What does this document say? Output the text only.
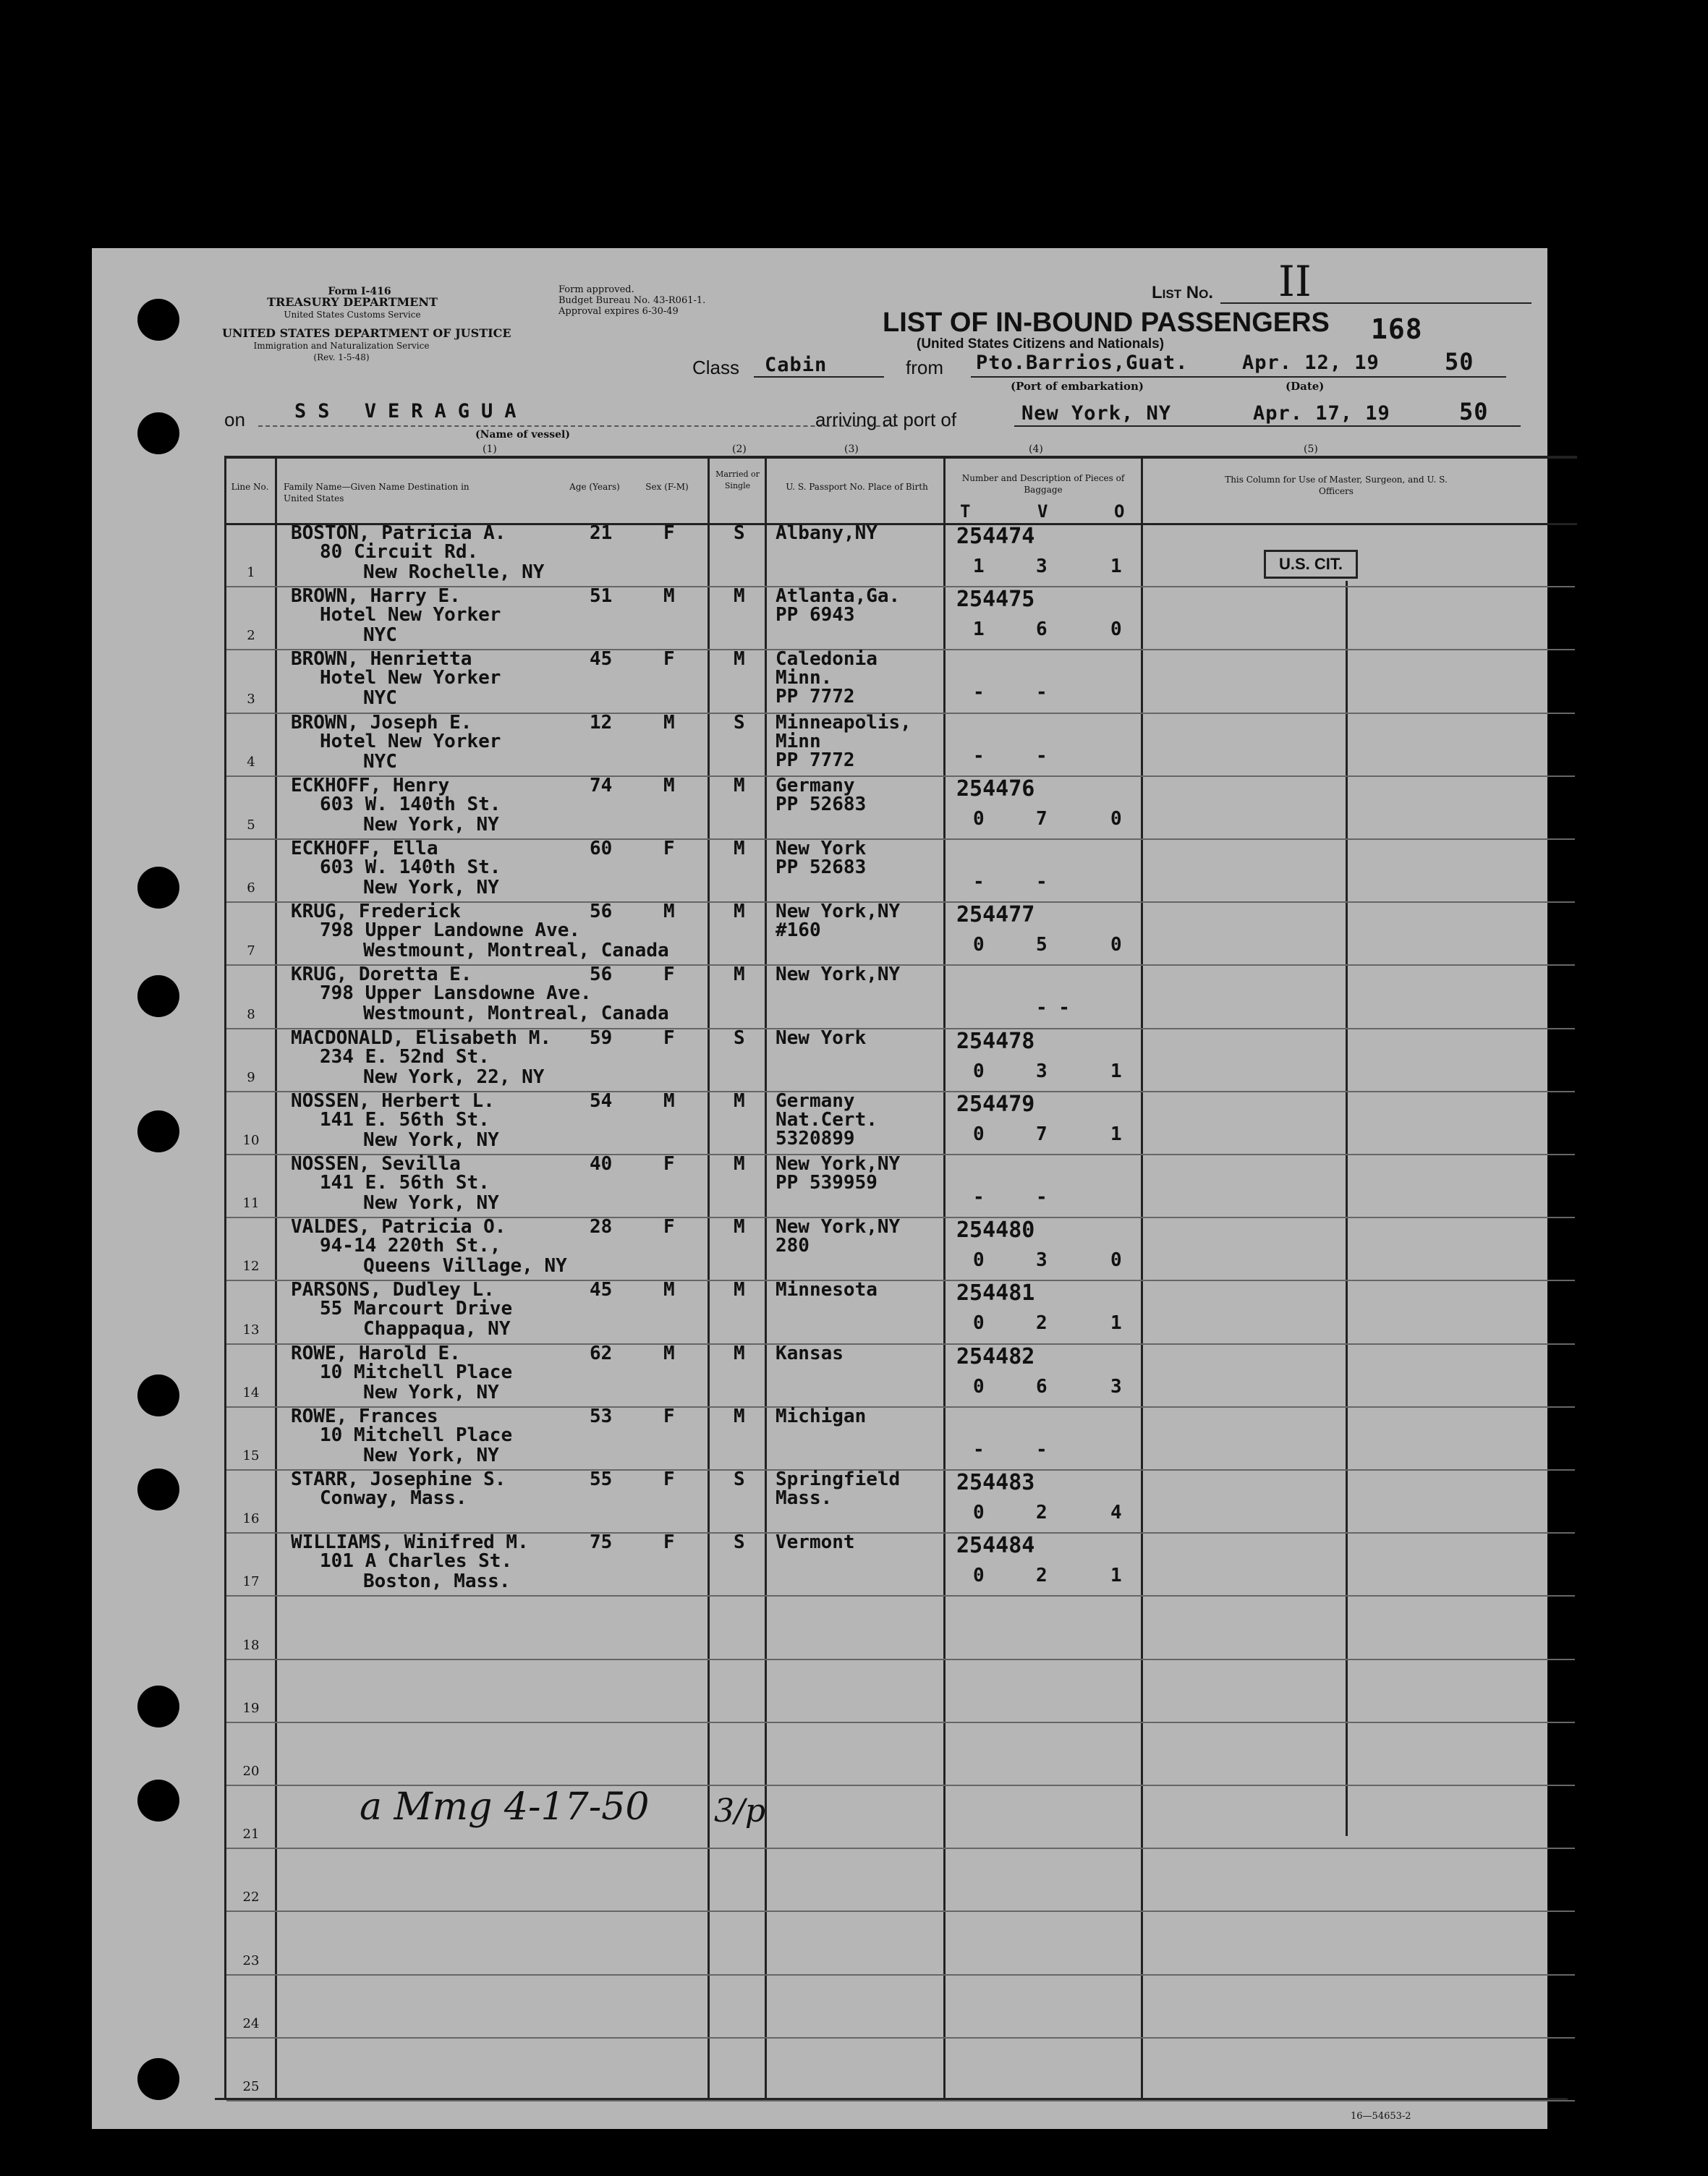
Form I-416
TREASURY DEPARTMENT
United States Customs Service
UNITED STATES DEPARTMENT OF JUSTICE
Immigration and Naturalization Service
(Rev. 1-5-48)
Form approved.
Budget Bureau No. 43-R061-1.
Approval expires 6-30-49	LIST OF IN-BOUND PASSENGERS
(United States Citizens and Nationals)
List No. II
168
Class Cabin	from Pto.Barrios,Guat.	Apr. 12, 19	50
(Port of embarkation)	(Date)
on	SS VERAGUA
(Name of vessel)
arriving at port of	New York, NY	Apr. 17, 19	50
(1)	(2)	(3)	(4)	(5)
Line No.	Family Name—Given Name Destination in United States
Age (Years)	Sex (F-M)
Married or Single	U. S. Passport No. Place of Birth
Number and Description of Pieces of Baggage
T	V	O
This Column for Use of Master, Surgeon, and U. S. Officers
U.S. CIT.
1
BOSTON, Patricia A.
80 Circuit Rd.
New Rochelle, NY
21	F	S Albany,NY	254474
1	3	1
2
BROWN, Harry E.
Hotel New Yorker
NYC
51	M	M Atlanta,Ga.
PP 6943
254475
1	6	0
3
BROWN, Henrietta
Hotel New Yorker
NYC
45	F	M Caledonia
Minn.
PP 7772	-	-
4
BROWN, Joseph E.
Hotel New Yorker
NYC
12	M	S Minneapolis,
Minn
PP 7772	-	-
5
ECKHOFF, Henry
603 W. 140th St.
New York, NY
74	M	M Germany
PP 52683
254476
0	7	0
6
ECKHOFF, Ella
603 W. 140th St.
New York, NY
60	F	M New York
PP 52683
-	-
7
KRUG, Frederick
798 Upper Landowne Ave.
Westmount, Montreal, Canada
56	M	M New York,NY
#160
254477
0	5	0
8
KRUG, Doretta E.
798 Upper Lansdowne Ave.
Westmount, Montreal, Canada
56	F	M New York,NY
- -
9
MACDONALD, Elisabeth M.
234 E. 52nd St.
New York, 22, NY
59	F	S New York	254478
0	3	1
10
NOSSEN, Herbert L.
141 E. 56th St.
New York, NY
54	M	M Germany
Nat.Cert.
5320899
254479
0	7	1
11
NOSSEN, Sevilla
141 E. 56th St.
New York, NY
40	F	M New York,NY
PP 539959
-	-
12
VALDES, Patricia O.
94-14 220th St.,
Queens Village, NY
28	F	M New York,NY
280
254480
0	3	0
13
PARSONS, Dudley L.
55 Marcourt Drive
Chappaqua, NY
45	M	M Minnesota	254481
0	2	1
14
ROWE, Harold E.
10 Mitchell Place
New York, NY
62	M	M Kansas	254482
0	6	3
15
ROWE, Frances
10 Mitchell Place
New York, NY
53	F	M Michigan
-	-
16
STARR, Josephine S.
Conway, Mass.
55	F	S Springfield
Mass.
254483
0	2	4
17
WILLIAMS, Winifred M.
101 A Charles St.
Boston, Mass.
75	F	S Vermont	254484
0	2	1
18
19
20
21
22
23
24
25
a Mmg 4-17-50 3/p
16—54653-2
